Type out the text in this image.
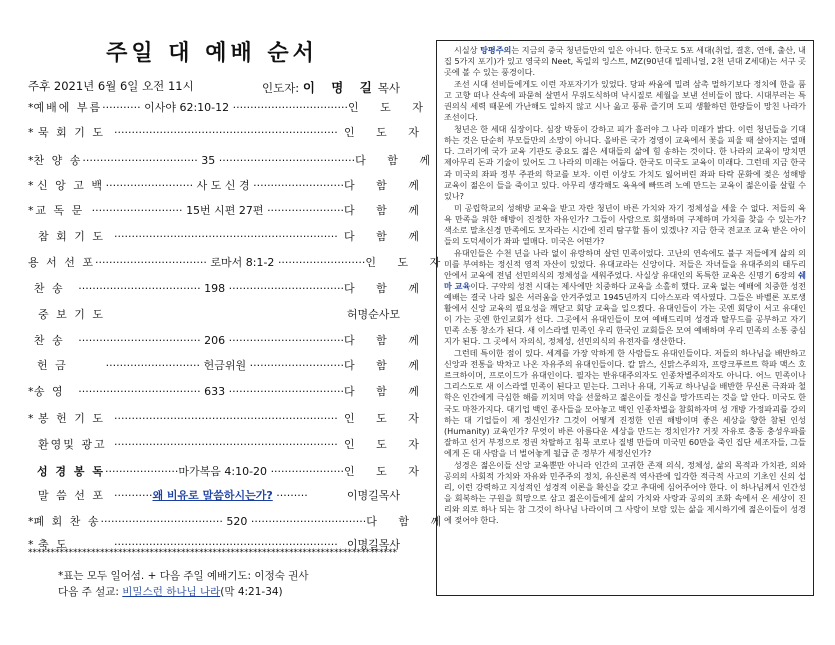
주일 대 예배 순서
주후 2021년 6월 6일 오전 11시	인도자: 이 명 길목사
* 예배에 부름 ··········· 이사야 62:10-12 ································· 인 도 자
* 묵 회 기 도 ································································ 인 도 자
* 찬 양 송 ································· 35 ······································· 다 함 께
* 신 앙 고 백 ························· 사 도 신 경 ·························· 다 함 께
* 교 독 문 ·························· 15번 시편 27편 ······················ 다 함 께
참 회 기 도 ································································ 다 함 께
용 서 선 포 ································ 로마서 8:1-2 ························· 인 도 자
찬 송	··································· 198 ································· 다 함 께
중 보 기 도	허명순사모
찬 송	··································· 206 ································· 다 함 께
헌 금	··························· 헌금위원 ··························· 다 함 께
* 송 영	··································· 633 ································· 다 함 께
* 봉 헌 기 도 ································································ 인 도 자
환영및 광고 ································································ 인 도 자
성 경 봉 독 ·····················마가복음 4:10-20 ····················· 인 도 자
말 씀 선 포 ···········왜 비유로 말씀하시는가? ·········	이명길목사
* 폐 회 찬 송 ··································· 520 ································· 다 함 께
* 축 도	································································ 이명길목사
**********************************************************************************
*표는 모두 일어섬. + 다음 주일 예배기도: 이정숙 권사
다음 주 설교: 비밀스런 하나님 나라(막 4:21-34)

시실상 탕평주의는 지금의 중국 청년들만의 일은 아니다. 한국도 5포 세대(취업, 결혼, 연애, 출산, 내집 5가지 포기)가 있고 영국의 Neet, 독일의 잉스트, MZ(90년대 밀레니얼, 2천 년대 Z세대)는 서구 곳곳에 볼 수 있는 풍경이다.

조선 시대 선비들에게도 이런 자포자기가 있었다. 당파 싸움에 밀려 삼촉 멀하기보다 정치에 한을 품고 고향 떠나 산속에 파묻혀 살면서 무위도식하며 낙시질로 세월을 보낸 선비들이 많다. 시대부러는 특권의식 세력 때문에 가난해도 일하지 않고 시나 읊고 풍류 즐기며 도피 생활하던 한량들이 망친 나라가 조선이다.

청년은 한 세대 심장이다. 심장 박동이 강하고 피가 흘러야 그 나라 미래가 밝다. 이런 청년들을 기대하는 것은 단순히 부모들만의 소망이 아니다. 올바른 국가 경영이 교육에서 꽃을 피울 때 살아지는 열매다. 그러기에 국가 교육 기관도 중요도 젊은 세대들의 삶에 힘 송하는 것이다. 한 나라의 교육이 망치면 제아무리 돈과 기술이 있어도 그 나라의 미래는 어둡다. 한국도 미국도 교육이 미래다. 그런데 지금 한국과 미국의 좌파 정부 주관의 학교를 보자. 이런 이상도 가치도 잃어버린 좌파 타락 문화에 젖은 성해방 교육이 젊은이 들을 죽이고 있다. 아무리 생각해도 육욕에 빠뜨려 노예 만드는 교육이 젊은이를 살릴 수 있나?

미 공립학교의 성해방 교육을 받고 자란 청년이 바른 가치와 자기 정체성을 세울 수 없다. 저들의 육욕 만족을 위한 해방이 진정한 자유인가? 그들이 사람으로 회생하며 구제하며 가치를 찾을 수 있는가? 색소로 말초신경 만족에도 모자라는 시간에 진리 탐구할 틈이 있겠나? 지금 한국 전교조 교육 받은 아이들의 도덕세이가 좌파 열매다. 미국은 어떤가?

유대인들은 수천 년을 나라 없이 유랑하며 살던 민족이었다. 고난의 연속에도 불구 저들에게 삶의 의미를 부여하는 정신적 영적 자산이 있었다. 유대교라는 신앙이다. 저들은 자녀들을 유대주의의 태두리 안에서 교육에 전념 선민의식의 정체성을 세워주었다. 사실상 유대인의 독특한 교육은 신명기 6장의 쉐마 교육이다. 구약의 성전 시대는 제사에만 치중하다 교육을 소홀히 했다. 교육 없는 예배에 치중한 성전 예배는 결국 나라 잃은 서러움을 안겨주었고 1945년까지 디아스포라 역사였다. 그들은 바벨론 포로생활에서 신앙 교육의 필요성을 깨닫고 회당 교육을 일으켰다. 유대인들이 가는 곳엔 회당이 서고 유대인이 가는 곳엔 한인교회가 선다. 그곳에서 유대인들이 모여 예배드리며 성경과 탈무드를 공부하고 자기 민족 소통 창소가 된다. 새 이스라엘 민족인 우리 한국인 교회들은 모여 예배하며 우리 민족의 소통 중심지가 된다. 그 곳에서 자의식, 정체성, 선민의식의 유전자를 생산한다.

그런데 특이한 점이 있다. 세계를 가장 악하게 한 사람들도 유대인들이다. 저들의 하나님을 배반하고 신앙과 전통을 박차고 나온 자유주의 유대인들이다. 칼 맑스, 신맑스주의자, 프랑크푸르트 학파 맥스 호르크하이머, 프로이드가 유대인이다. 필자는 반유대주의자도 인종차별주의자도 아니다. 어느 민족이나 그리스도로 새 이스라엘 민족이 된다고 믿는다. 그러나 유대, 기독교 하나님을 배반한 무신론 극좌파 철학은 인간에게 극심한 해를 끼치며 악을 선물하고 젊은이들 정신을 망가뜨리는 것을 알 안다. 미국도 한국도 마찬가지다. 대기업 백인 종사들을 모아놓고 백인 인종차별을 참회하자며 성 개방 가정파괴를 강의하는 대 기업들이 제 정신인가? 그것이 어떻게 진정한 인권 해방이며 좋은 세상을 향한 참된 인성(Humanity) 교육인가? 무엇이 바른 아름다운 세상을 만드는 정치인가? 거짓 자유로 충동 충성우파를 잘하고 선거 부정으로 정권 차탈하고 침묵 코로나 질병 만들며 미국민 60만을 죽인 집단 세조자들, 그들에게 돈 대 사람을 너 벌어놓게 될급 준 정부가 세정신인가?

성경은 젊은이들 신앙 교육뿐만 아니라 인간의 고귀한 존재 의식, 정체성, 삶의 목적과 가치관, 의와 공의의 사회적 가치와 자유와 민주주의 정치, 유신론적 역사관에 입각한 적극적 사고의 기초인 신의 섭리, 이런 강력하고 지성적인 성경적 이론을 확신을 갖고 추대에 심어주어야 한다. 이 하나님께서 인간성을 회복하는 구원을 희망으로 삼고 젊은이들에게 삶의 가치와 사랑과 공의의 조화 속에서 온 세상이 진리와 의로 하나 되는 참 그것이 하나님 나라이며 그 사랑이 보람 있는 삶을 제시하기에 젊은이들이 성경에 젖어야 한다.
